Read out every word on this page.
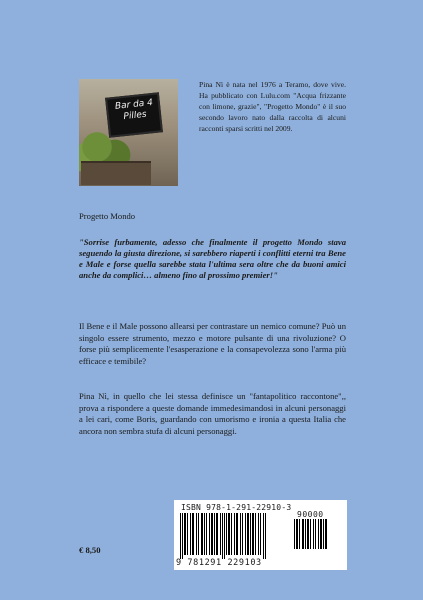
Bar da 4 Pilles

Pina Nì è nata nel 1976 a Teramo, dove vive. Ha pubblicato con Lulu.com "Acqua frizzante con limone, grazie", "Progetto Mondo" è il suo secondo lavoro nato dalla raccolta di alcuni racconti sparsi scritti nel 2009.

Progetto Mondo

"Sorrise furbamente, adesso che finalmente il progetto Mondo stava seguendo la giusta direzione, si sarebbero riaperti i conflitti eterni tra Bene e Male e forse quella sarebbe stata l'ultima sera oltre che da buoni amici anche da complici… almeno fino al prossimo premier!"

Il Bene e il Male possono allearsi per contrastare un nemico comune? Può un singolo essere strumento, mezzo e motore pulsante di una rivoluzione? O forse più semplicemente l'esasperazione e la consapevolezza sono l'arma più efficace e temibile?

Pina Nì, in quello che lei stessa definisce un "fantapolitico raccontone",, prova a rispondere a queste domande immedesimandosi in alcuni personaggi a lei cari, come Boris, guardando con umorismo e ironia a questa Italia che ancora non sembra stufa di alcuni personaggi.

€ 8,50

ISBN 978-1-291-22910-3
90000
9 781291 229103
